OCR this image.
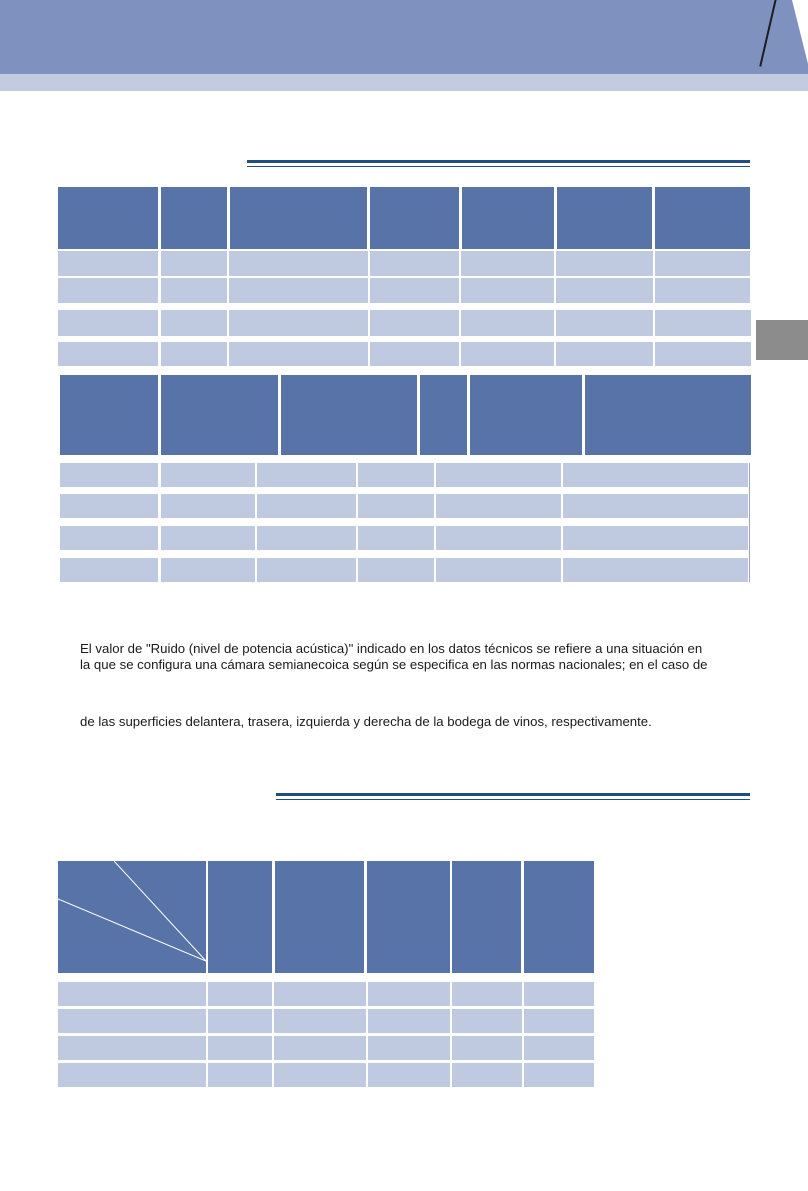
El valor de "Ruido (nivel de potencia acústica)" indicado en los datos técnicos se refiere a una situación en

la que se configura una cámara semianecoica según se especifica en las normas nacionales; en el caso de

de las superficies delantera, trasera, izquierda y derecha de la bodega de vinos, respectivamente.
